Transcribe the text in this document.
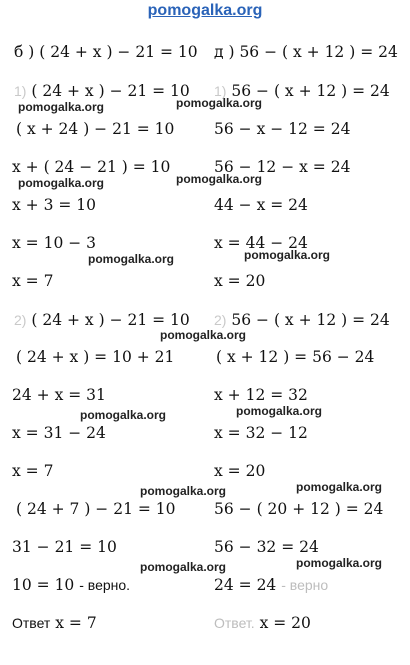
pomogalka.org
б ) ( 24 + x ) − 21 = 10
1) ( 24 + x ) − 21 = 10
( x + 24 ) − 21 = 10
x + ( 24 − 21 ) = 10
x + 3 = 10
x = 10 − 3
x = 7
2) ( 24 + x ) − 21 = 10
( 24 + x ) = 10 + 21
24 + x = 31
x = 31 − 24
x = 7
( 24 + 7 ) − 21 = 10
31 − 21 = 10
10 = 10 - верно.
Ответ x = 7
д ) 56 − ( x + 12 ) = 24
1) 56 − ( x + 12 ) = 24
56 − x − 12 = 24
56 − 12 − x = 24
44 − x = 24
x = 44 − 24
x = 20
2) 56 − ( x + 12 ) = 24
( x + 12 ) = 56 − 24
x + 12 = 32
x = 32 − 12
x = 20
56 − ( 20 + 12 ) = 24
56 − 32 = 24
24 = 24 - верно
Ответ. x = 20
pomogalka.org	pomogalka.org
pomogalka.org	pomogalka.org
pomogalka.org	pomogalka.org
pomogalka.org
pomogalka.org	pomogalka.org
pomogalka.org	pomogalka.org
pomogalka.org	pomogalka.org
